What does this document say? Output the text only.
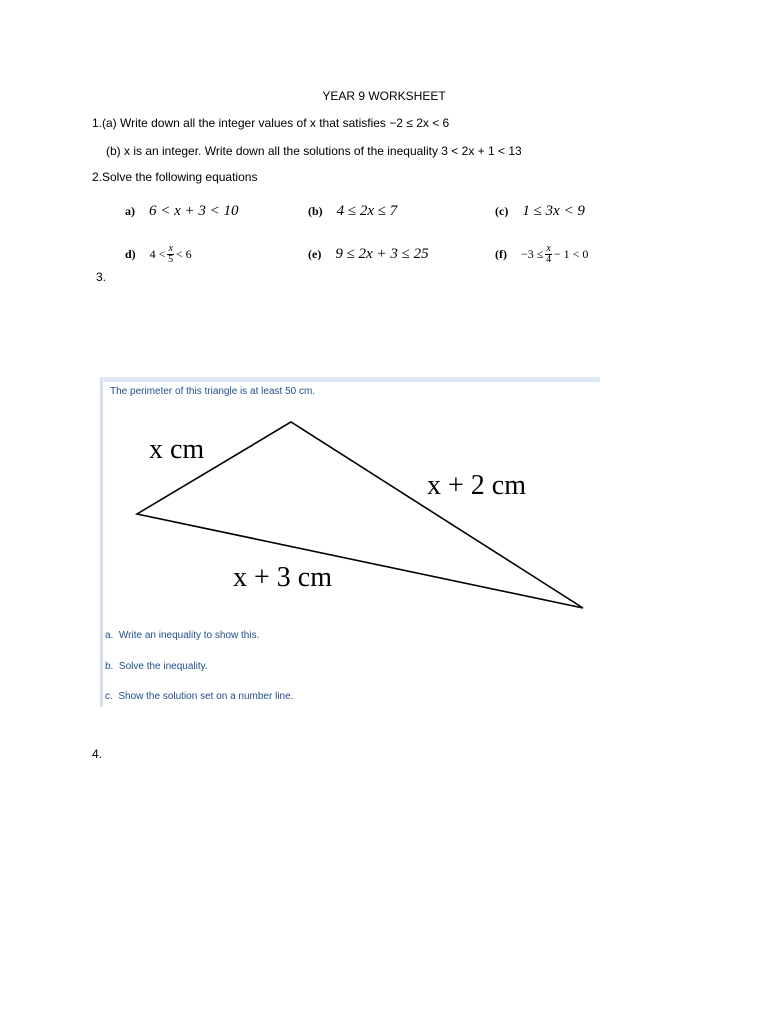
YEAR 9 WORKSHEET
1.(a) Write down all the integer values of x that satisfies −2 ≤ 2x < 6
(b) x is an integer. Write down all the solutions of the inequality 3 < 2x + 1 < 13
2.Solve the following equations
a) 6 < x + 3 < 10	(b) 4 ≤ 2x ≤ 7	(c) 1 ≤ 3x < 9
d) $4 < \frac{x}{5} < 6$	(e) 9 ≤ 2x + 3 ≤ 25	$(f) -3 \le \frac{x}{4} - 1 < 0$
3.
The perimeter of this triangle is at least 50 cm.
x cm
x + 2 cm
x + 3 cm
a. Write an inequality to show this.
b. Solve the inequality.
c. Show the solution set on a number line.
4.
